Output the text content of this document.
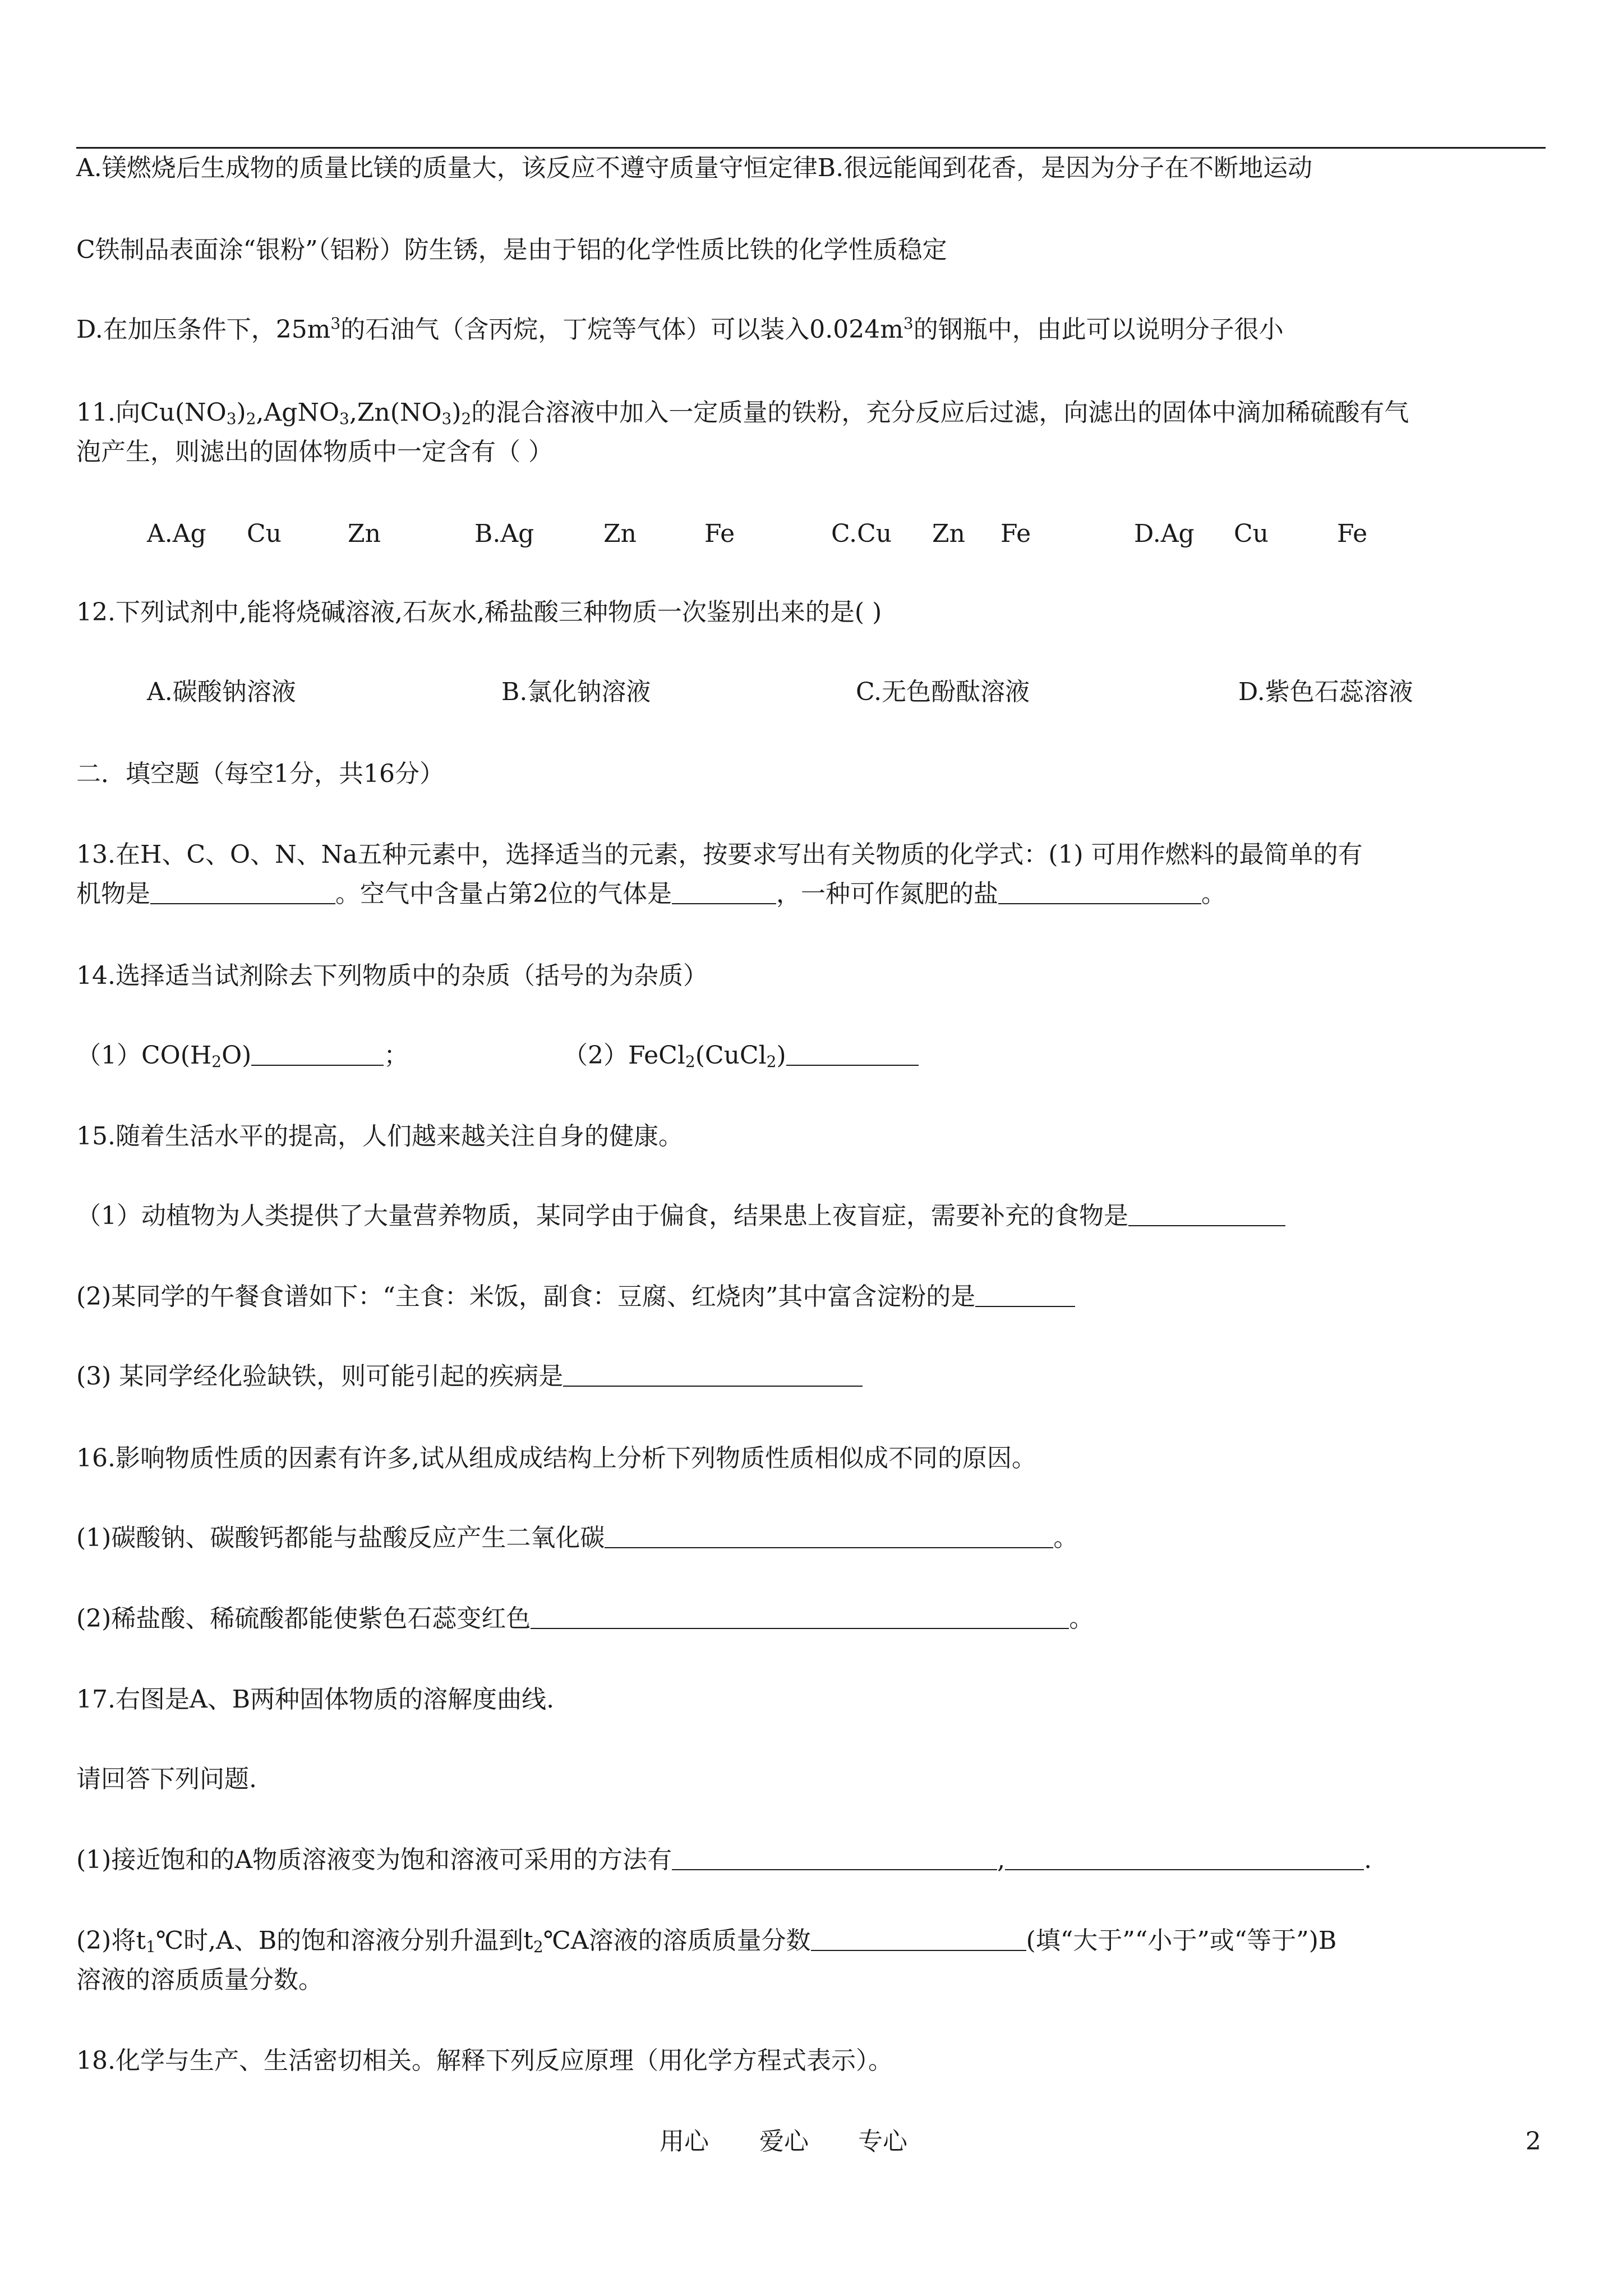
A.镁燃烧后生成物的质量比镁的质量大，该反应不遵守质量守恒定律B.很远能闻到花香，是因为分子在不断地运动
C铁制品表面涂“银粉”（铝粉）防生锈，是由于铝的化学性质比铁的化学性质稳定
D.在加压条件下，$25m^3$的石油气（含丙烷，丁烷等气体）可以装入$0.024m^3$的钢瓶中，由此可以说明分子很小
11.向$Cu(NO_3)_2,AgNO_3,Zn(NO_3)_2$的混合溶液中加入一定质量的铁粉，充分反应后过滤，向滤出的固体中滴加稀硫酸有气
泡产生，则滤出的固体物质中一定含有（ ）
A.Ag Cu	Zn	B.Ag	Zn	Fe	C.Cu Zn Fe	D.Ag Cu	Fe
12.下列试剂中,能将烧碱溶液,石灰水,稀盐酸三种物质一次鉴别出来的是( )
A.碳酸钠溶液	B.氯化钠溶液	C.无色酚酞溶液	D.紫色石蕊溶液
二．填空题（每空1分，共16分）
13.在H、C、O、N、Na五种元素中，选择适当的元素，按要求写出有关物质的化学式：(1) 可用作燃料的最简单的有
机物是	。空气中含量占第2位的气体是	，一种可作氮肥的盐	。
14.选择适当试剂除去下列物质中的杂质（括号的为杂质）
$(1)CO(H_2O)$	；	（2）FeCl$_2$(CuCl$_2$)
15.随着生活水平的提高，人们越来越关注自身的健康。
（1）动植物为人类提供了大量营养物质，某同学由于偏食，结果患上夜盲症，需要补充的食物是
(2)某同学的午餐食谱如下：“主食：米饭，副食：豆腐、红烧肉”其中富含淀粉的是
(3) 某同学经化验缺铁，则可能引起的疾病是
16.影响物质性质的因素有许多,试从组成成结构上分析下列物质性质相似成不同的原因。
(1)碳酸钠、碳酸钙都能与盐酸反应产生二氧化碳	。
(2)稀盐酸、稀硫酸都能使紫色石蕊变红色	。
17.右图是A、B两种固体物质的溶解度曲线.
请回答下列问题.
(1)接近饱和的A物质溶液变为饱和溶液可采用的方法有	,	.
(2)将$t_1℃$时,A、B的饱和溶液分别升温到$t_2℃A$溶液的溶质质量分数	(填“大于”“小于”或“等于”)B
溶液的溶质质量分数。
18.化学与生产、生活密切相关。解释下列反应原理（用化学方程式表示）。
用心 爱心 专心	2
